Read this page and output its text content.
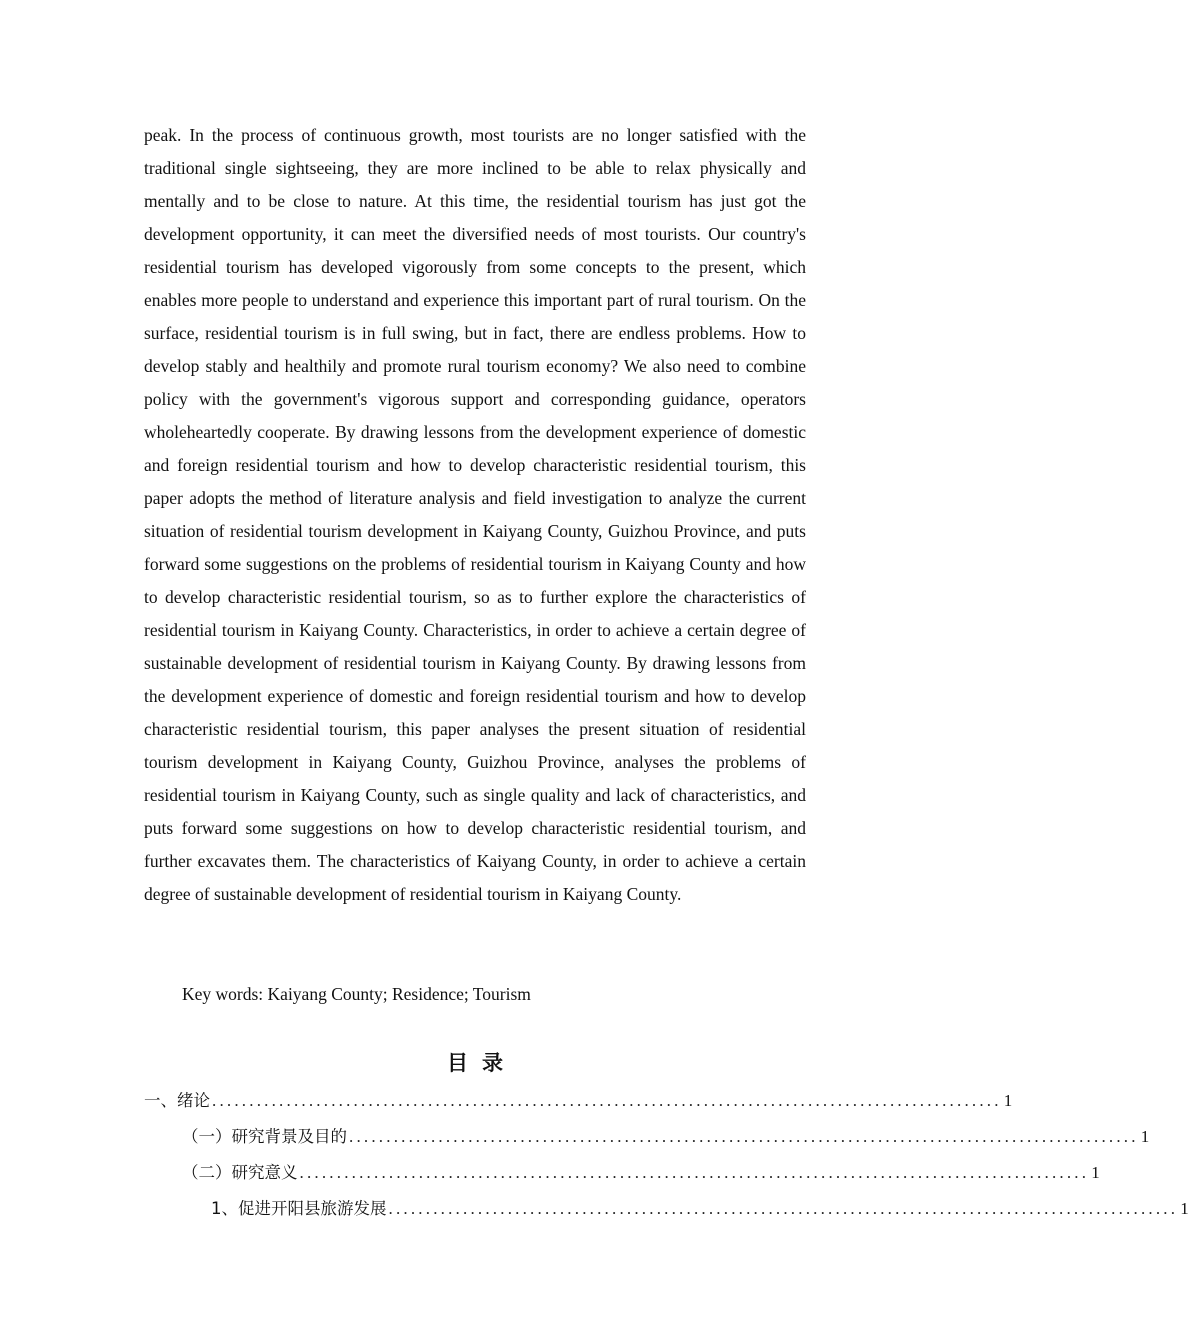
peak. In the process of continuous growth, most tourists are no longer satisfied with the traditional single sightseeing, they are more inclined to be able to relax physically and mentally and to be close to nature. At this time, the residential tourism has just got the development opportunity, it can meet the diversified needs of most tourists. Our country's residential tourism has developed vigorously from some concepts to the present, which enables more people to understand and experience this important part of rural tourism. On the surface, residential tourism is in full swing, but in fact, there are endless problems. How to develop stably and healthily and promote rural tourism economy? We also need to combine policy with the government's vigorous support and corresponding guidance, operators wholeheartedly cooperate. By drawing lessons from the development experience of domestic and foreign residential tourism and how to develop characteristic residential tourism, this paper adopts the method of literature analysis and field investigation to analyze the current situation of residential tourism development in Kaiyang County, Guizhou Province, and puts forward some suggestions on the problems of residential tourism in Kaiyang County and how to develop characteristic residential tourism, so as to further explore the characteristics of residential tourism in Kaiyang County. Characteristics, in order to achieve a certain degree of sustainable development of residential tourism in Kaiyang County. By drawing lessons from the development experience of domestic and foreign residential tourism and how to develop characteristic residential tourism, this paper analyses the present situation of residential tourism development in Kaiyang County, Guizhou Province, analyses the problems of residential tourism in Kaiyang County, such as single quality and lack of characteristics, and puts forward some suggestions on how to develop characteristic residential tourism, and further excavates them. The characteristics of Kaiyang County, in order to achieve a certain degree of sustainable development of residential tourism in Kaiyang County.

Key words: Kaiyang County; Residence; Tourism

目录
一、绪论 .......................................................................................................... 1
（一）研究背景及目的 .......................................................................................................... 1
（二）研究意义 .......................................................................................................... 1
1、促进开阳县旅游发展 .......................................................................................................... 1
